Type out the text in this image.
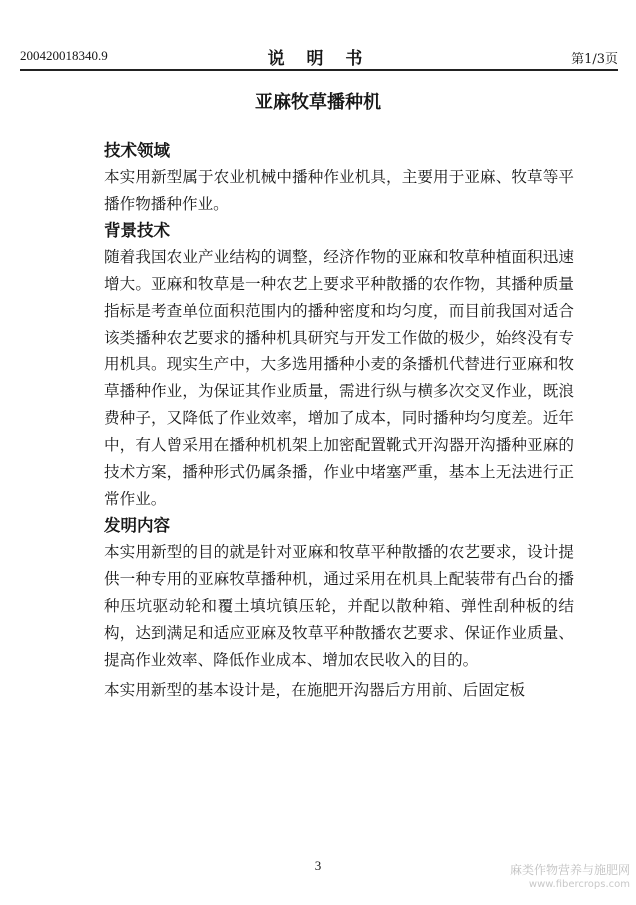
200420018340.9	说 明 书	第1/3页
亚麻牧草播种机
技术领域

本实用新型属于农业机械中播种作业机具，主要用于亚麻、牧草等平播作物播种作业。

背景技术

随着我国农业产业结构的调整，经济作物的亚麻和牧草种植面积迅速增大。亚麻和牧草是一种农艺上要求平种散播的农作物，其播种质量指标是考查单位面积范围内的播种密度和均匀度，而目前我国对适合该类播种农艺要求的播种机具研究与开发工作做的极少，始终没有专用机具。现实生产中，大多选用播种小麦的条播机代替进行亚麻和牧草播种作业，为保证其作业质量，需进行纵与横多次交叉作业，既浪费种子，又降低了作业效率，增加了成本，同时播种均匀度差。近年中，有人曾采用在播种机机架上加密配置靴式开沟器开沟播种亚麻的技术方案，播种形式仍属条播，作业中堵塞严重，基本上无法进行正常作业。

发明内容

本实用新型的目的就是针对亚麻和牧草平种散播的农艺要求，设计提供一种专用的亚麻牧草播种机，通过采用在机具上配装带有凸台的播种压坑驱动轮和覆土填坑镇压轮，并配以散种箱、弹性刮种板的结构，达到满足和适应亚麻及牧草平种散播农艺要求、保证作业质量、提高作业效率、降低作业成本、增加农民收入的目的。

本实用新型的基本设计是，在施肥开沟器后方用前、后固定板

3	麻类作物营养与施肥网
www.fibercrops.com
